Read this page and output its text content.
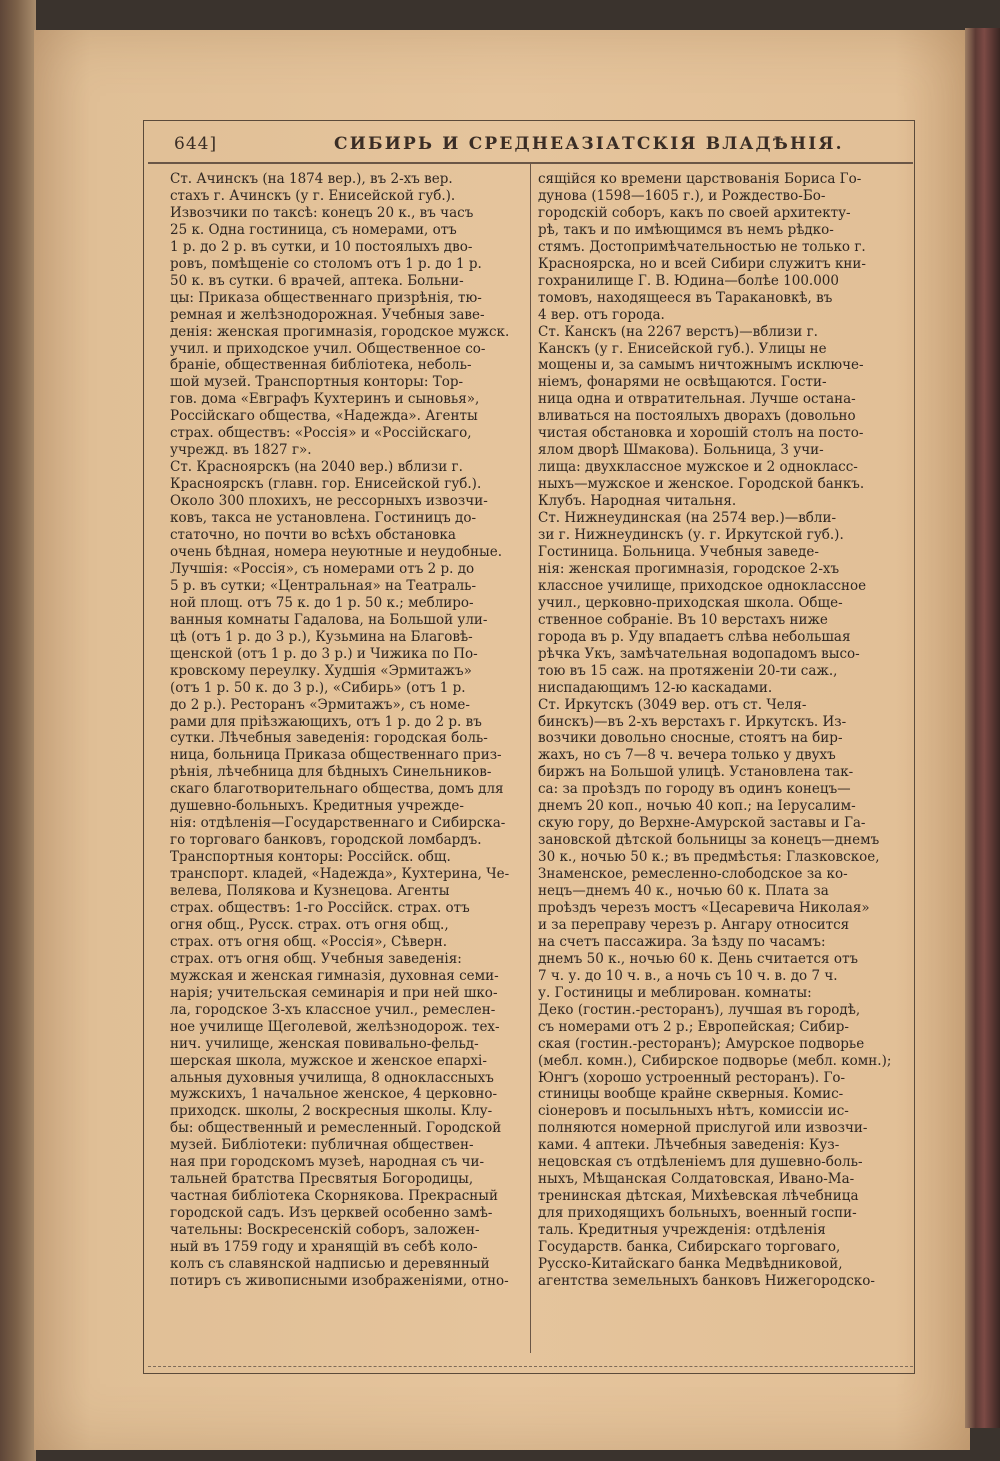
644]	СИБИРЬ И СРЕДНЕАЗIАТСКIЯ ВЛАДѢНIЯ.
Ст. Ачинскъ (на 1874 вер.), въ 2-хъ вер.
стахъ г. Ачинскъ (у г. Енисейской губ.).
Извозчики по таксѣ: конецъ 20 к., въ часъ
25 к. Одна гостиница, съ номерами, отъ
1 р. до 2 р. въ сутки, и 10 постоялыхъ дво-
ровъ, помѣщеніе со столомъ отъ 1 р. до 1 р.
50 к. въ сутки. 6 врачей, аптека. Больни-
цы: Приказа общественнаго призрѣнія, тю-
ремная и желѣзнодорожная. Учебныя заве-
денія: женская прогимназія, городское мужск.
учил. и приходское учил. Общественное со-
браніе, общественная библіотека, неболь-
шой музей. Транспортныя конторы: Тор-
гов. дома «Евграфъ Кухтеринъ и сыновья»,
Россійскаго общества, «Надежда». Агенты
страх. обществъ: «Россія» и «Россійскаго,
учрежд. въ 1827 г».
Ст. Красноярскъ (на 2040 вер.) вблизи г.
Красноярскъ (главн. гор. Енисейской губ.).
Около 300 плохихъ, не рессорныхъ извозчи-
ковъ, такса не установлена. Гостиницъ до-
статочно, но почти во всѣхъ обстановка
очень бѣдная, номера неуютные и неудобные.
Лучшія: «Россія», съ номерами отъ 2 р. до
5 р. въ сутки; «Центральная» на Театраль-
ной площ. отъ 75 к. до 1 р. 50 к.; меблиро-
ванныя комнаты Гадалова, на Большой ули-
цѣ (отъ 1 р. до 3 р.), Кузьмина на Благовѣ-
щенской (отъ 1 р. до 3 р.) и Чижика по По-
кровскому переулку. Худшія «Эрмитажъ»
(отъ 1 р. 50 к. до 3 р.), «Сибирь» (отъ 1 р.
до 2 р.). Ресторанъ «Эрмитажъ», съ номе-
рами для пріѣзжающихъ, отъ 1 р. до 2 р. въ
сутки. Лѣчебныя заведенія: городская боль-
ница, больница Приказа общественнаго приз-
рѣнія, лѣчебница для бѣдныхъ Синельников-
скаго благотворительнаго общества, домъ для
душевно-больныхъ. Кредитныя учрежде-
нія: отдѣленія—Государственнаго и Сибирска-
го торговаго банковъ, городской ломбардъ.
Транспортныя конторы: Россійск. общ.
транспорт. кладей, «Надежда», Кухтерина, Че-
велева, Полякова и Кузнецова. Агенты
страх. обществъ: 1-го Россійск. страх. отъ
огня общ., Русск. страх. отъ огня общ.,
страх. отъ огня общ. «Россія», Сѣверн.
страх. отъ огня общ. Учебныя заведенія:
мужская и женская гимназія, духовная семи-
нарія; учительская семинарія и при ней шко-
ла, городское 3-хъ классное учил., ремеслен-
ное училище Щеголевой, желѣзнодорож. тех-
нич. училище, женская повивально-фельд-
шерская школа, мужское и женское епархі-
альныя духовныя училища, 8 одноклассныхъ
мужскихъ, 1 начальное женское, 4 церковно-
приходск. школы, 2 воскресныя школы. Клу-
бы: общественный и ремесленный. Городской
музей. Библіотеки: публичная обществен-
ная при городскомъ музеѣ, народная съ чи-
тальней братства Пресвятыя Богородицы,
частная библіотека Скорнякова. Прекрасный
городской садъ. Изъ церквей особенно замѣ-
чательны: Воскресенскій соборъ, заложен-
ный въ 1759 году и хранящій въ себѣ коло-
колъ съ славянской надписью и деревянный
потиръ съ живописными изображеніями, отно-
сящійся ко времени царствованія Бориса Го-
дунова (1598—1605 г.), и Рождество-Бо-
городскій соборъ, какъ по своей архитекту-
рѣ, такъ и по имѣющимся въ немъ рѣдко-
стямъ. Достопримѣчательностью не только г.
Красноярска, но и всей Сибири служитъ кни-
гохранилище Г. В. Юдина—болѣе 100.000
томовъ, находящееся въ Таракановкѣ, въ
4 вер. отъ города.
Ст. Канскъ (на 2267 верстъ)—вблизи г.
Канскъ (у г. Енисейской губ.). Улицы не
мощены и, за самымъ ничтожнымъ исключе-
ніемъ, фонарями не освѣщаются. Гости-
ница одна и отвратительная. Лучше остана-
вливаться на постоялыхъ дворахъ (довольно
чистая обстановка и хорошій столъ на посто-
ялом дворѣ Шмакова). Больница, 3 учи-
лища: двухклассное мужское и 2 однокласс-
ныхъ—мужское и женское. Городской банкъ.
Клубъ. Народная читальня.
Ст. Нижнеудинская (на 2574 вер.)—вбли-
зи г. Нижнеудинскъ (у. г. Иркутской губ.).
Гостиница. Больница. Учебныя заведе-
нія: женская прогимназія, городское 2-хъ
классное училище, приходское одноклассное
учил., церковно-приходская школа. Обще-
ственное собраніе. Въ 10 верстахъ ниже
города въ р. Уду впадаетъ слѣва небольшая
рѣчка Укъ, замѣчательная водопадомъ высо-
тою въ 15 саж. на протяженіи 20-ти саж.,
ниспадающимъ 12-ю каскадами.
Ст. Иркутскъ (3049 вер. отъ ст. Челя-
бинскъ)—въ 2-хъ верстахъ г. Иркутскъ. Из-
возчики довольно сносные, стоятъ на бир-
жахъ, но съ 7—8 ч. вечера только у двухъ
биржъ на Большой улицѣ. Установлена так-
са: за проѣздъ по городу въ одинъ конецъ—
днемъ 20 коп., ночью 40 коп.; на Іерусалим-
скую гору, до Верхне-Амурской заставы и Га-
зановской дѣтской больницы за конецъ—днемъ
30 к., ночью 50 к.; въ предмѣстья: Глазковское,
Знаменское, ремесленно-слободское за ко-
нецъ—днемъ 40 к., ночью 60 к. Плата за
проѣздъ черезъ мостъ «Цесаревича Николая»
и за переправу черезъ р. Ангару относится
на счетъ пассажира. За ѣзду по часамъ:
днемъ 50 к., ночью 60 к. День считается отъ
7 ч. у. до 10 ч. в., а ночь съ 10 ч. в. до 7 ч.
у. Гостиницы и меблирован. комнаты:
Деко (гостин.-ресторанъ), лучшая въ городѣ,
съ номерами отъ 2 р.; Европейская; Сибир-
ская (гостин.-ресторанъ); Амурское подворье
(мебл. комн.), Сибирское подворье (мебл. комн.);
Юнгъ (хорошо устроенный ресторанъ). Го-
стиницы вообще крайне скверныя. Комис-
сіонеровъ и посыльныхъ нѣтъ, комиссіи ис-
полняются номерной прислугой или извозчи-
ками. 4 аптеки. Лѣчебныя заведенія: Куз-
нецовская съ отдѣленіемъ для душевно-боль-
ныхъ, Мѣщанская Солдатовская, Ивано-Ма-
тренинская дѣтская, Михѣевская лѣчебница
для приходящихъ больныхъ, военный госпи-
таль. Кредитныя учрежденія: отдѣленія
Государств. банка, Сибирскаго торговаго,
Русско-Китайскаго банка Медвѣдниковой,
агентства земельныхъ банковъ Нижегородско-
